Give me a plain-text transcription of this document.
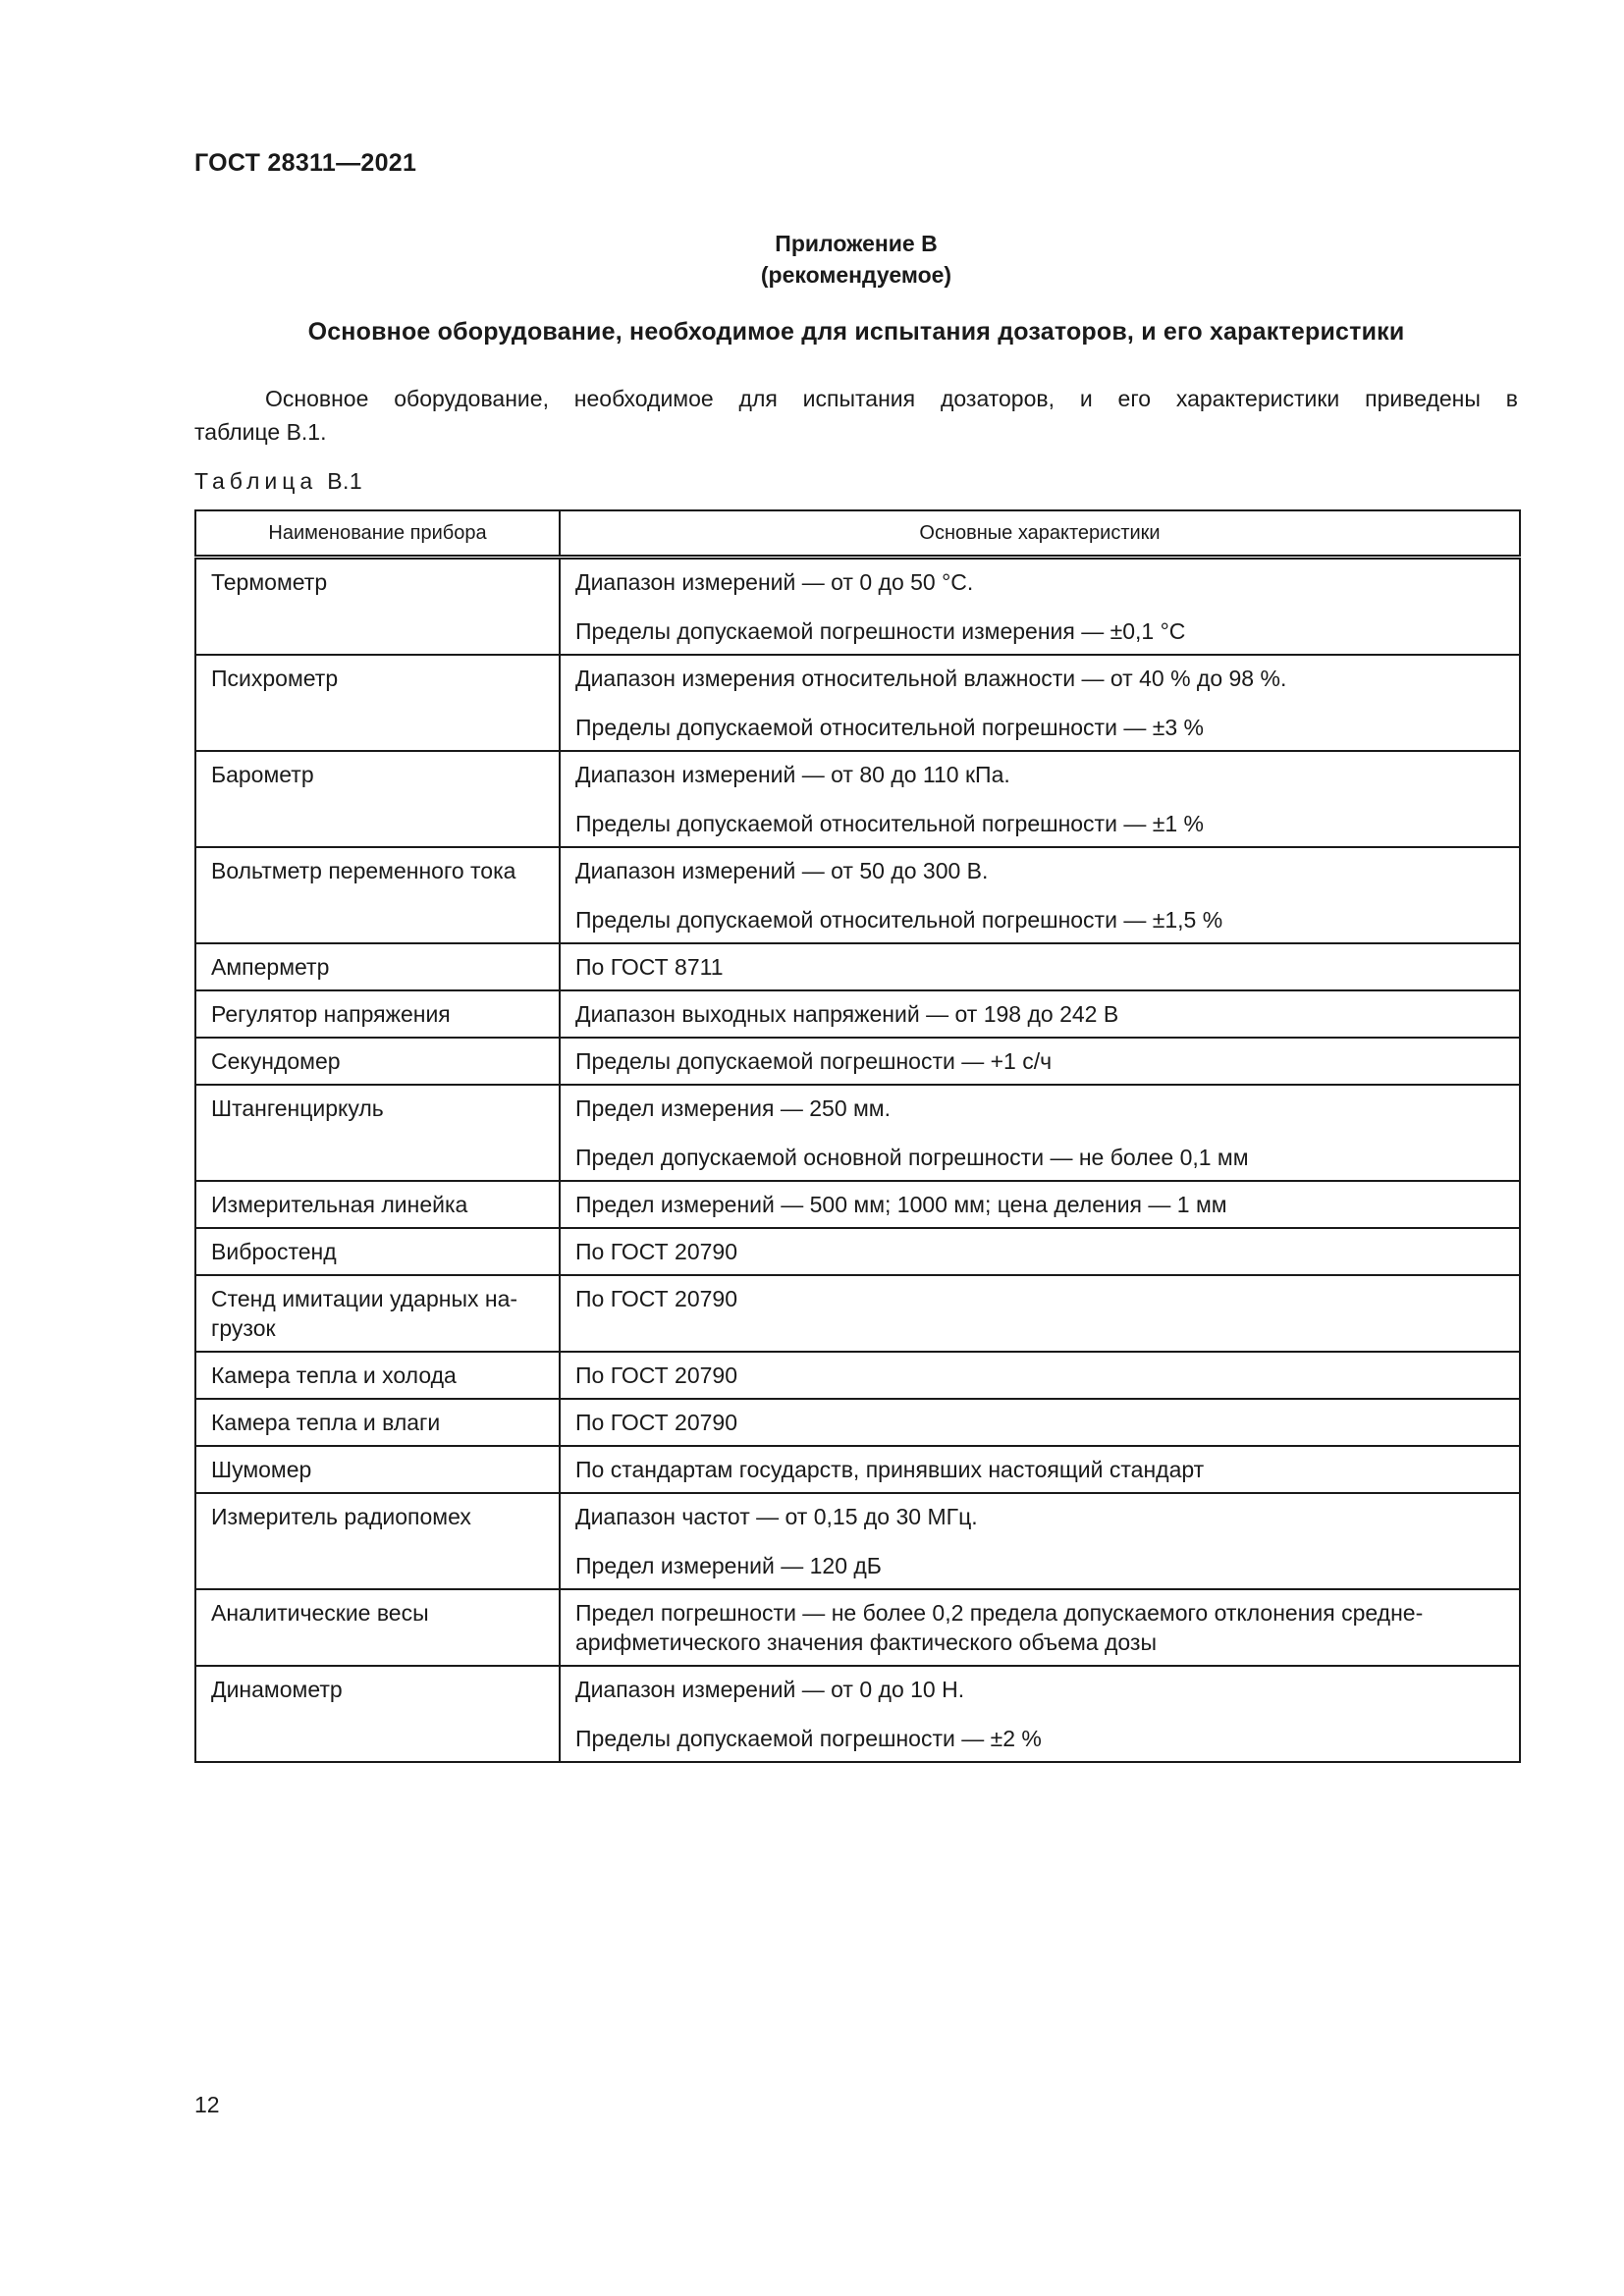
ГОСТ 28311—2021
Приложение В
(рекомендуемое)
Основное оборудование, необходимое для испытания дозаторов, и его характеристики
Основное оборудование, необходимое для испытания дозаторов, и его характеристики приведены в
таблице В.1.
Таблица В.1
Наименование прибора	Основные характеристики
Термометр	Диапазон измерений — от 0 до 50 °С.
Пределы допускаемой погрешности измерения — ±0,1 °С

Психрометр	Диапазон измерения относительной влажности — от 40 % до 98 %.
Пределы допускаемой относительной погрешности — ±3 %

Барометр	Диапазон измерений — от 80 до 110 кПа.
Пределы допускаемой относительной погрешности — ±1 %

Вольтметр переменного тока	Диапазон измерений — от 50 до 300 В.
Пределы допускаемой относительной погрешности — ±1,5 %

Амперметр	По ГОСТ 8711

Регулятор напряжения	Диапазон выходных напряжений — от 198 до 242 В

Секундомер	Пределы допускаемой погрешности — +1 с/ч

Штангенциркуль	Предел измерения — 250 мм.
Предел допускаемой основной погрешности — не более 0,1 мм

Измерительная линейка	Предел измерений — 500 мм; 1000 мм; цена деления — 1 мм

Вибростенд	По ГОСТ 20790

Стенд имитации ударных на-грузок	По ГОСТ 20790

Камера тепла и холода	По ГОСТ 20790

Камера тепла и влаги	По ГОСТ 20790

Шумомер	По стандартам государств, принявших настоящий стандарт

Измеритель радиопомех	Диапазон частот — от 0,15 до 30 МГц.
Предел измерений — 120 дБ

Аналитические весы	Предел погрешности — не более 0,2 предела допускаемого отклонения средне-арифметического значения фактического объема дозы

Динамометр	Диапазон измерений — от 0 до 10 Н.
Пределы допускаемой погрешности — ±2 %
12
